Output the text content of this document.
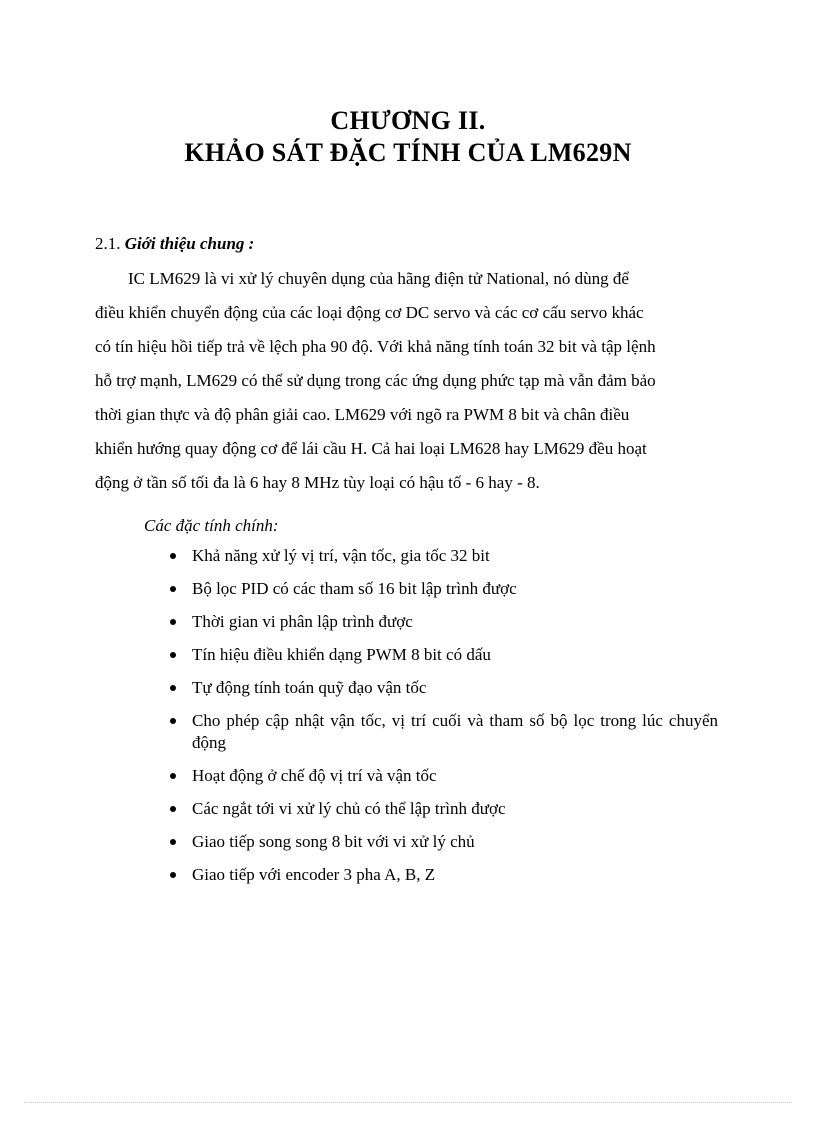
CHƯƠNG II.
KHẢO SÁT ĐẶC TÍNH CỦA LM629N
2.1. Giới thiệu chung :

IC LM629 là vi xử lý chuyên dụng của hãng điện tử National, nó dùng để
điều khiển chuyển động của các loại động cơ DC servo và các cơ cấu servo khác
có tín hiệu hồi tiếp trả về lệch pha 90 độ. Với khả năng tính toán 32 bit và tập lệnh
hỗ trợ mạnh, LM629 có thể sử dụng trong các ứng dụng phức tạp mà vẫn đảm bảo
thời gian thực và độ phân giải cao. LM629 với ngõ ra PWM 8 bit và chân điều
khiển hướng quay động cơ để lái cầu H. Cả hai loại LM628 hay LM629 đều hoạt
động ở tần số tối đa là 6 hay 8 MHz tùy loại có hậu tố - 6 hay - 8.

Các đặc tính chính:
Khả năng xử lý vị trí, vận tốc, gia tốc 32 bit
Bộ lọc PID có các tham số 16 bit lập trình được
Thời gian vi phân lập trình được
Tín hiệu điều khiển dạng PWM 8 bit có dấu
Tự động tính toán quỹ đạo vận tốc
Cho phép cập nhật vận tốc, vị trí cuối và tham số bộ lọc trong lúc chuyển động
Hoạt động ở chế độ vị trí và vận tốc
Các ngắt tới vi xử lý chủ có thể lập trình được
Giao tiếp song song 8 bit với vi xử lý chủ
Giao tiếp với encoder 3 pha A, B, Z
